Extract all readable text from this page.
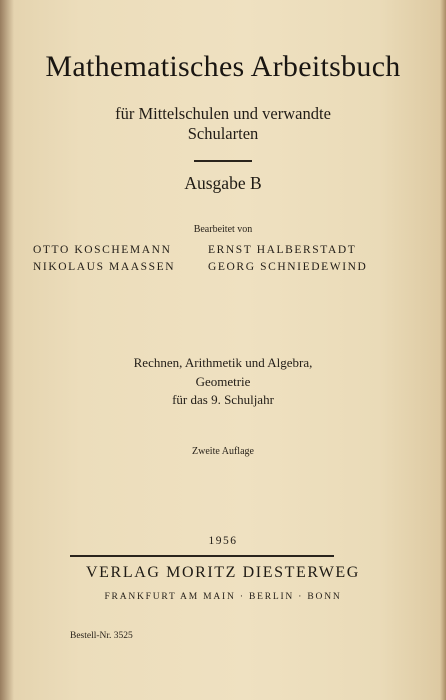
Mathematisches Arbeitsbuch
für Mittelschulen und verwandte
Schularten
Ausgabe B
Bearbeitet von
OTTO KOSCHEMANN	ERNST HALBERSTADT
NIKOLAUS MAASSEN	GEORG SCHNIEDEWIND
Rechnen, Arithmetik und Algebra,
Geometrie
für das 9. Schuljahr
Zweite Auflage
1956
VERLAG MORITZ DIESTERWEG
FRANKFURT AM MAIN · BERLIN · BONN
Bestell-Nr. 3525
